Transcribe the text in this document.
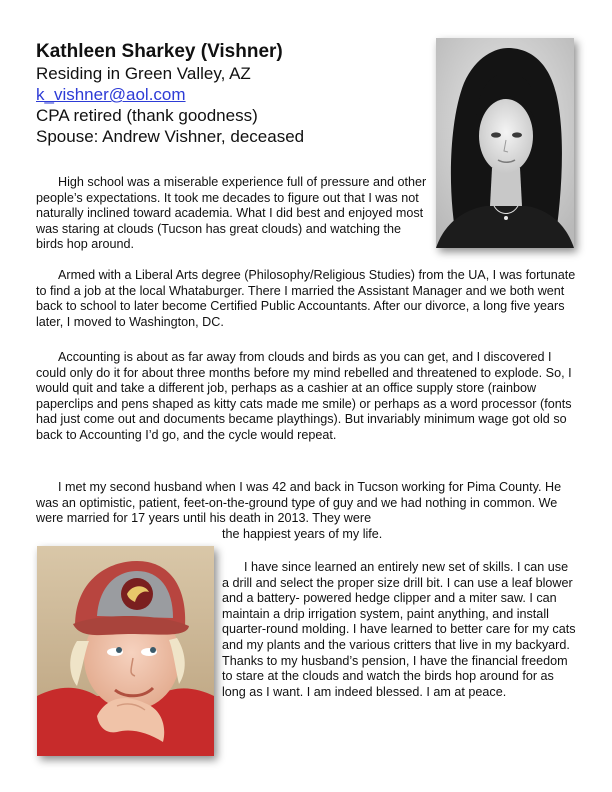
Kathleen Sharkey (Vishner)

Residing in Green Valley, AZ

k_vishner@aol.com

CPA retired (thank goodness)

Spouse: Andrew Vishner, deceased

High school was a miserable experience full of pressure and other people’s expectations. It took me decades to figure out that I was not naturally inclined toward academia. What I did best and enjoyed most was staring at clouds (Tucson has great clouds) and watching the birds hop around.

Armed with a Liberal Arts degree (Philosophy/Religious Studies) from the UA, I was fortunate to find a job at the local Whataburger. There I married the Assistant Manager and we both went back to school to later become Certified Public Accountants. After our divorce, a long five years later, I moved to Washington, DC.

Accounting is about as far away from clouds and birds as you can get, and I discovered I could only do it for about three months before my mind rebelled and threatened to explode. So, I would quit and take a different job, perhaps as a cashier at an office supply store (rainbow paperclips and pens shaped as kitty cats made me smile) or perhaps as a word processor (fonts had just come out and documents became playthings). But invariably minimum wage got old so back to Accounting I’d go, and the cycle would repeat.

I met my second husband when I was 42 and back in Tucson working for Pima County. He was an optimistic, patient, feet-on-the-ground type of guy and we had nothing in common. We were married for 17 years until his death in 2013. They were

the happiest years of my life.

I have since learned an entirely new set of skills. I can use a drill and select the proper size drill bit. I can use a leaf blower and a battery- powered hedge clipper and a miter saw. I can maintain a drip irrigation system, paint anything, and install quarter-round molding. I have learned to better care for my cats and my plants and the various critters that live in my backyard. Thanks to my husband’s pension, I have the financial freedom to stare at the clouds and watch the birds hop around for as long as I want. I am indeed blessed. I am at peace.
